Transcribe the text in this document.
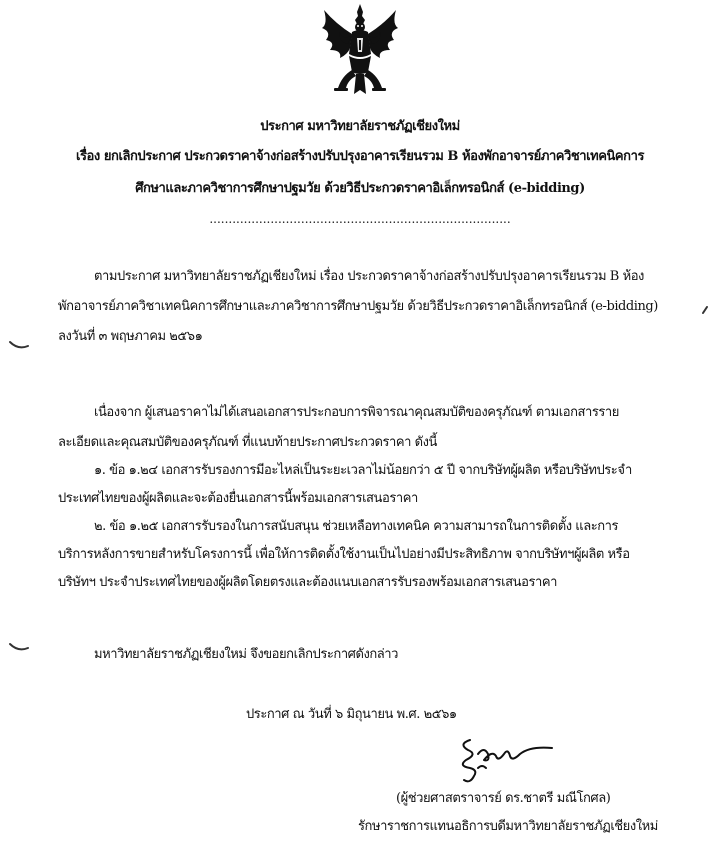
ประกาศ มหาวิทยาลัยราชภัฏเชียงใหม่
เรื่อง ยกเลิกประกาศ ประกวดราคาจ้างก่อสร้างปรับปรุงอาคารเรียนรวม B ห้องพักอาจารย์ภาควิชาเทคนิคการ
ศึกษาและภาควิชาการศึกษาปฐมวัย ด้วยวิธีประกวดราคาอิเล็กทรอนิกส์ (e-bidding)
...............................................................................
ตามประกาศ มหาวิทยาลัยราชภัฏเชียงใหม่ เรื่อง ประกวดราคาจ้างก่อสร้างปรับปรุงอาคารเรียนรวม B ห้อง
พักอาจารย์ภาควิชาเทคนิคการศึกษาและภาควิชาการศึกษาปฐมวัย ด้วยวิธีประกวดราคาอิเล็กทรอนิกส์ (e-bidding)
ลงวันที่ ๓ พฤษภาคม ๒๕๖๑
เนื่องจาก ผู้เสนอราคาไม่ได้เสนอเอกสารประกอบการพิจารณาคุณสมบัติของครุภัณฑ์ ตามเอกสารราย
ละเอียดและคุณสมบัติของครุภัณฑ์ ที่แนบท้ายประกาศประกวดราคา ดังนี้
๑. ข้อ ๑.๒๔ เอกสารรับรองการมีอะไหล่เป็นระยะเวลาไม่น้อยกว่า ๕ ปี จากบริษัทผู้ผลิต หรือบริษัทประจำ
ประเทศไทยของผู้ผลิตและจะต้องยื่นเอกสารนี้พร้อมเอกสารเสนอราคา
๒. ข้อ ๑.๒๕ เอกสารรับรองในการสนับสนุน ช่วยเหลือทางเทคนิค ความสามารถในการติดตั้ง และการ
บริการหลังการขายสำหรับโครงการนี้ เพื่อให้การติดตั้งใช้งานเป็นไปอย่างมีประสิทธิภาพ จากบริษัทฯผู้ผลิต หรือ
บริษัทฯ ประจำประเทศไทยของผู้ผลิตโดยตรงและต้องแนบเอกสารรับรองพร้อมเอกสารเสนอราคา
มหาวิทยาลัยราชภัฏเชียงใหม่ จึงขอยกเลิกประกาศดังกล่าว
ประกาศ ณ วันที่ ๖ มิถุนายน พ.ศ. ๒๕๖๑
(ผู้ช่วยศาสตราจารย์ ดร.ชาตรี มณีโกศล)
รักษาราชการแทนอธิการบดีมหาวิทยาลัยราชภัฏเชียงใหม่
